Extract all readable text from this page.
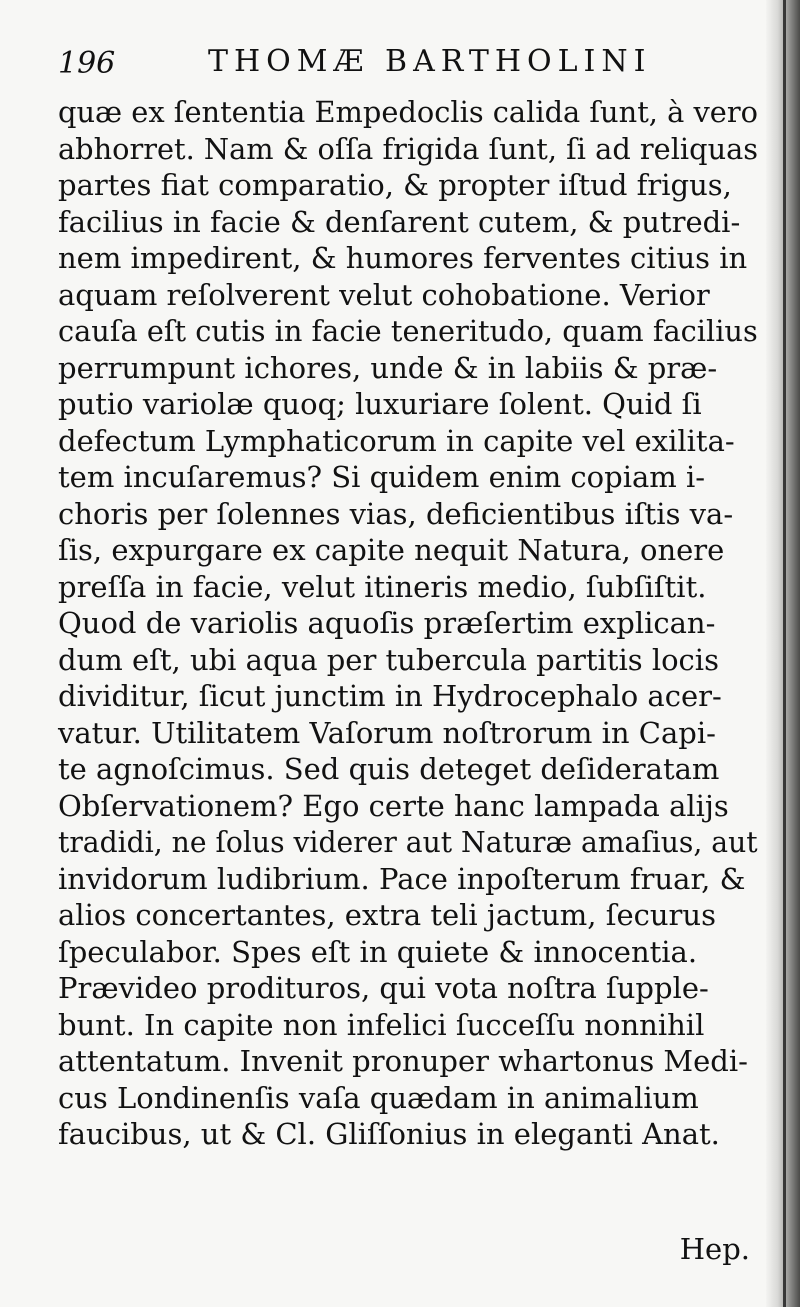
196	THOMÆ BARTHOLINI
quæ ex ſententia Empedoclis calida ſunt, à vero
abhorret. Nam & oſſa frigida ſunt, ſi ad reliquas
partes fiat comparatio, & propter iſtud frigus,
facilius in facie & denſarent cutem, & putredi-
nem impedirent, & humores ferventes citius in
aquam reſolverent velut cohobatione. Verior
cauſa eſt cutis in facie teneritudo, quam facilius
perrumpunt ichores, unde & in labiis & præ-
putio variolæ quoq; luxuriare ſolent. Quid ſi
defectum Lymphaticorum in capite vel exilita-
tem incuſaremus? Si quidem enim copiam i-
choris per ſolennes vias, deficientibus iſtis va-
ſis, expurgare ex capite nequit Natura, onere
preſſa in facie, velut itineris medio, ſubſiſtit.
Quod de variolis aquoſis præſertim explican-
dum eſt, ubi aqua per tubercula partitis locis
dividitur, ſicut junctim in Hydrocephalo acer-
vatur. Utilitatem Vaſorum noſtrorum in Capi-
te agnoſcimus. Sed quis deteget deſideratam
Obſervationem? Ego certe hanc lampada alijs
tradidi, ne ſolus viderer aut Naturæ amaſius, aut
invidorum ludibrium. Pace inpoſterum fruar, &
alios concertantes, extra teli jactum, ſecurus
ſpeculabor. Spes eſt in quiete & innocentia.
Prævideo prodituros, qui vota noſtra ſupple-
bunt. In capite non infelici ſucceſſu nonnihil
attentatum. Invenit pronuper whartonus Medi-
cus Londinenſis vaſa quædam in animalium
faucibus, ut & Cl. Gliſſonius in eleganti Anat.
Hep.
